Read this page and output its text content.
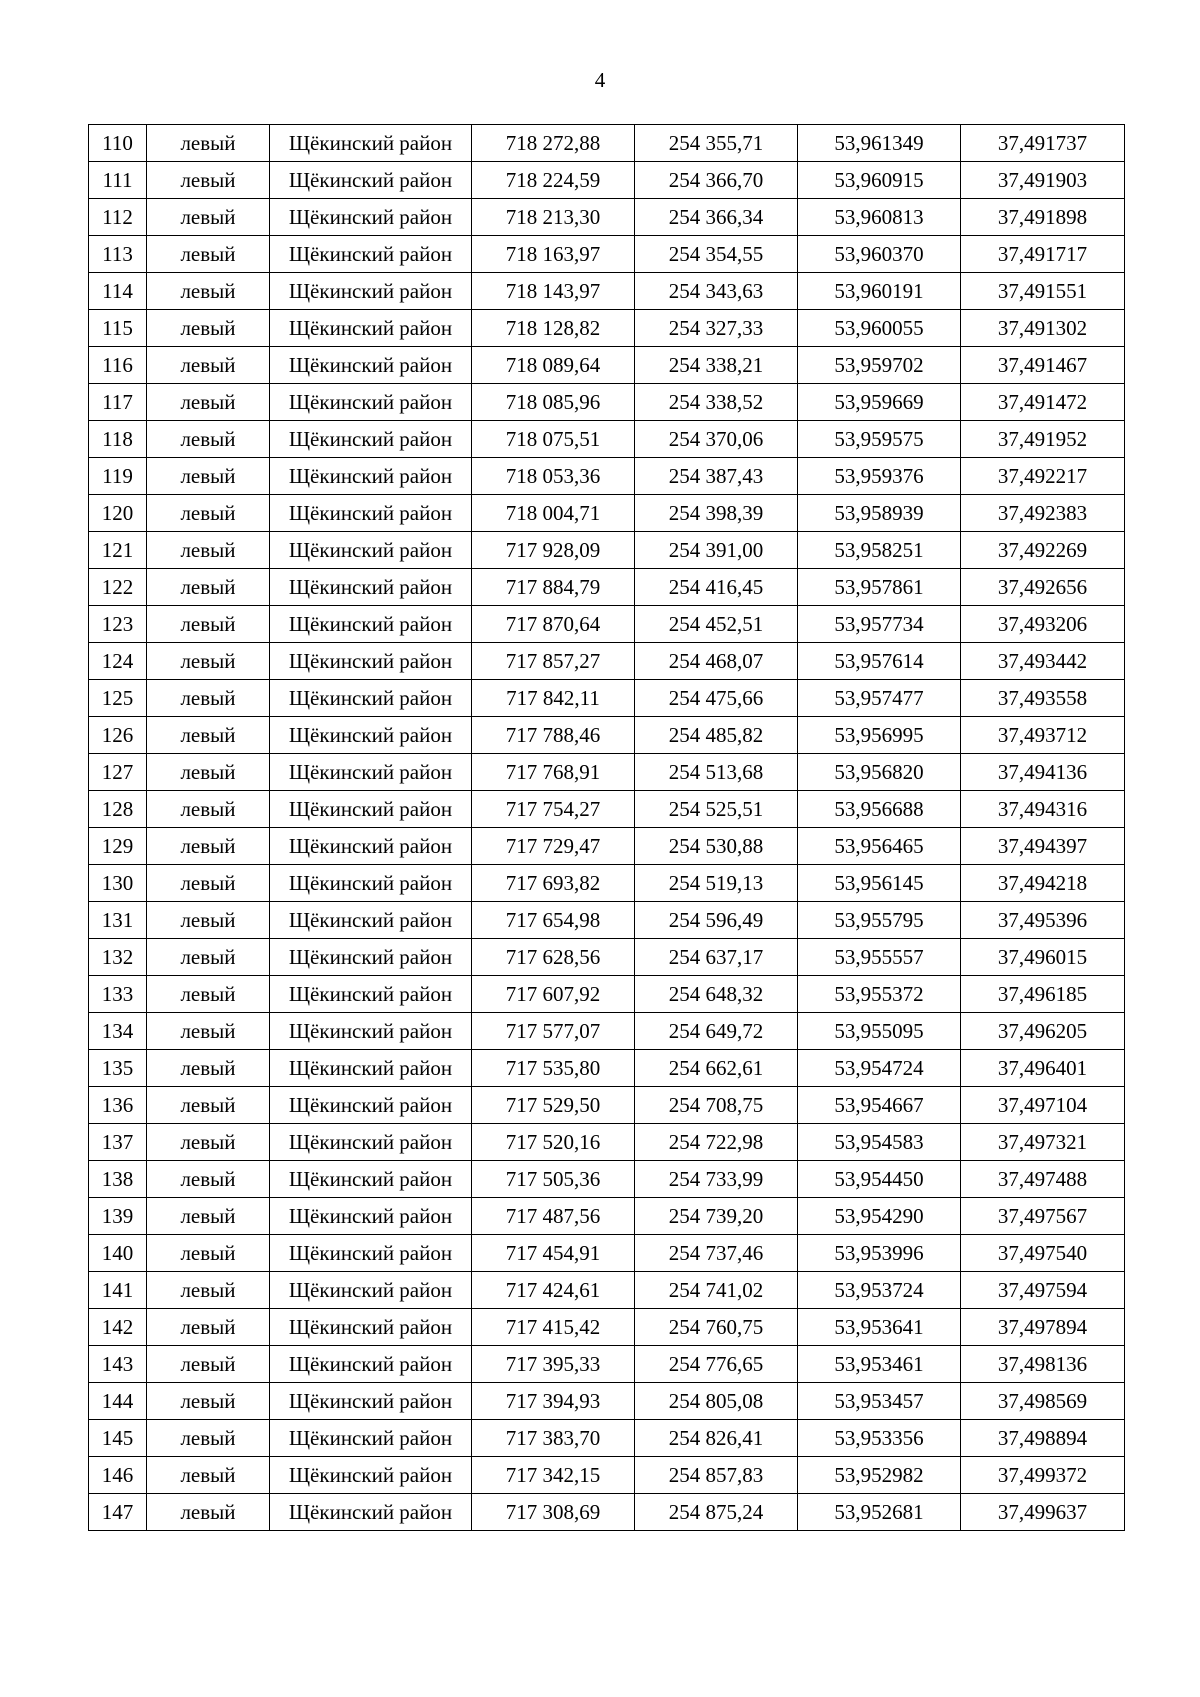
4
110	левый	Щёкинский район	718 272,88	254 355,71	53,961349	37,491737
111	левый	Щёкинский район	718 224,59	254 366,70	53,960915	37,491903
112	левый	Щёкинский район	718 213,30	254 366,34	53,960813	37,491898
113	левый	Щёкинский район	718 163,97	254 354,55	53,960370	37,491717
114	левый	Щёкинский район	718 143,97	254 343,63	53,960191	37,491551
115	левый	Щёкинский район	718 128,82	254 327,33	53,960055	37,491302
116	левый	Щёкинский район	718 089,64	254 338,21	53,959702	37,491467
117	левый	Щёкинский район	718 085,96	254 338,52	53,959669	37,491472
118	левый	Щёкинский район	718 075,51	254 370,06	53,959575	37,491952
119	левый	Щёкинский район	718 053,36	254 387,43	53,959376	37,492217
120	левый	Щёкинский район	718 004,71	254 398,39	53,958939	37,492383
121	левый	Щёкинский район	717 928,09	254 391,00	53,958251	37,492269
122	левый	Щёкинский район	717 884,79	254 416,45	53,957861	37,492656
123	левый	Щёкинский район	717 870,64	254 452,51	53,957734	37,493206
124	левый	Щёкинский район	717 857,27	254 468,07	53,957614	37,493442
125	левый	Щёкинский район	717 842,11	254 475,66	53,957477	37,493558
126	левый	Щёкинский район	717 788,46	254 485,82	53,956995	37,493712
127	левый	Щёкинский район	717 768,91	254 513,68	53,956820	37,494136
128	левый	Щёкинский район	717 754,27	254 525,51	53,956688	37,494316
129	левый	Щёкинский район	717 729,47	254 530,88	53,956465	37,494397
130	левый	Щёкинский район	717 693,82	254 519,13	53,956145	37,494218
131	левый	Щёкинский район	717 654,98	254 596,49	53,955795	37,495396
132	левый	Щёкинский район	717 628,56	254 637,17	53,955557	37,496015
133	левый	Щёкинский район	717 607,92	254 648,32	53,955372	37,496185
134	левый	Щёкинский район	717 577,07	254 649,72	53,955095	37,496205
135	левый	Щёкинский район	717 535,80	254 662,61	53,954724	37,496401
136	левый	Щёкинский район	717 529,50	254 708,75	53,954667	37,497104
137	левый	Щёкинский район	717 520,16	254 722,98	53,954583	37,497321
138	левый	Щёкинский район	717 505,36	254 733,99	53,954450	37,497488
139	левый	Щёкинский район	717 487,56	254 739,20	53,954290	37,497567
140	левый	Щёкинский район	717 454,91	254 737,46	53,953996	37,497540
141	левый	Щёкинский район	717 424,61	254 741,02	53,953724	37,497594
142	левый	Щёкинский район	717 415,42	254 760,75	53,953641	37,497894
143	левый	Щёкинский район	717 395,33	254 776,65	53,953461	37,498136
144	левый	Щёкинский район	717 394,93	254 805,08	53,953457	37,498569
145	левый	Щёкинский район	717 383,70	254 826,41	53,953356	37,498894
146	левый	Щёкинский район	717 342,15	254 857,83	53,952982	37,499372
147	левый	Щёкинский район	717 308,69	254 875,24	53,952681	37,499637
